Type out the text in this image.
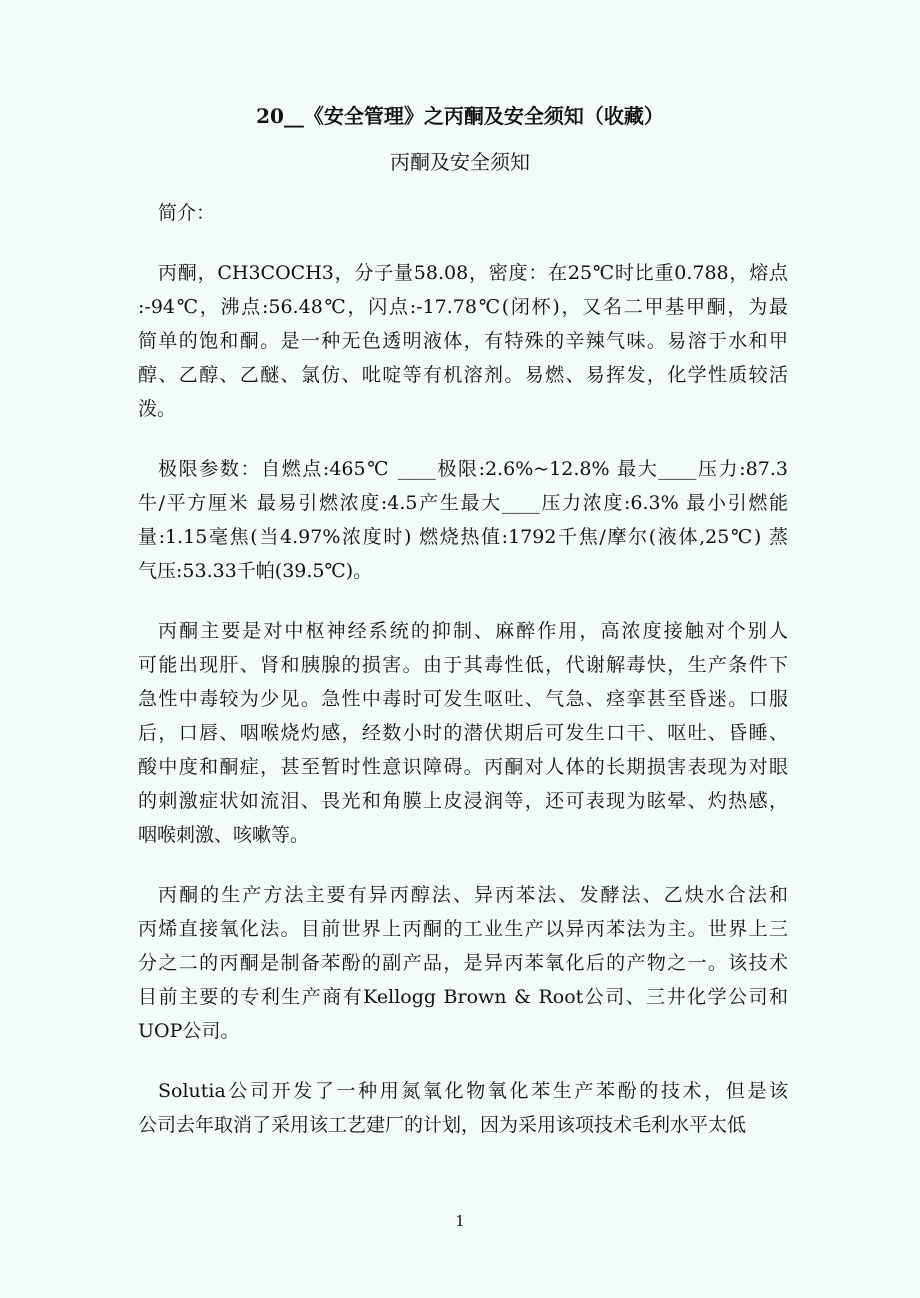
20__《安全管理》之丙酮及安全须知（收藏）
丙酮及安全须知
简介：
丙酮，CH3COCH3，分子量58.08，密度：在25℃时比重0.788，熔点
:-94℃，沸点:56.48℃，闪点:-17.78℃(闭杯)，又名二甲基甲酮，为最
简单的饱和酮。是一种无色透明液体，有特殊的辛辣气味。易溶于水和甲
醇、乙醇、乙醚、氯仿、吡啶等有机溶剂。易燃、易挥发，化学性质较活
泼。
极限参数：自燃点:465℃ ____极限:2.6%~12.8% 最大____压力:87.3
牛/平方厘米 最易引燃浓度:4.5产生最大____压力浓度:6.3% 最小引燃能
量:1.15毫焦(当4.97%浓度时) 燃烧热值:1792千焦/摩尔(液体,25℃) 蒸
气压:53.33千帕(39.5℃)。
丙酮主要是对中枢神经系统的抑制、麻醉作用，高浓度接触对个别人
可能出现肝、肾和胰腺的损害。由于其毒性低，代谢解毒快，生产条件下
急性中毒较为少见。急性中毒时可发生呕吐、气急、痉挛甚至昏迷。口服
后，口唇、咽喉烧灼感，经数小时的潜伏期后可发生口干、呕吐、昏睡、
酸中度和酮症，甚至暂时性意识障碍。丙酮对人体的长期损害表现为对眼
的刺激症状如流泪、畏光和角膜上皮浸润等，还可表现为眩晕、灼热感，
咽喉刺激、咳嗽等。
丙酮的生产方法主要有异丙醇法、异丙苯法、发酵法、乙炔水合法和
丙烯直接氧化法。目前世界上丙酮的工业生产以异丙苯法为主。世界上三
分之二的丙酮是制备苯酚的副产品，是异丙苯氧化后的产物之一。该技术
目前主要的专利生产商有Kellogg Brown & Root公司、三井化学公司和
UOP公司。
Solutia公司开发了一种用氮氧化物氧化苯生产苯酚的技术，但是该
公司去年取消了采用该工艺建厂的计划，因为采用该项技术毛利水平太低
1
